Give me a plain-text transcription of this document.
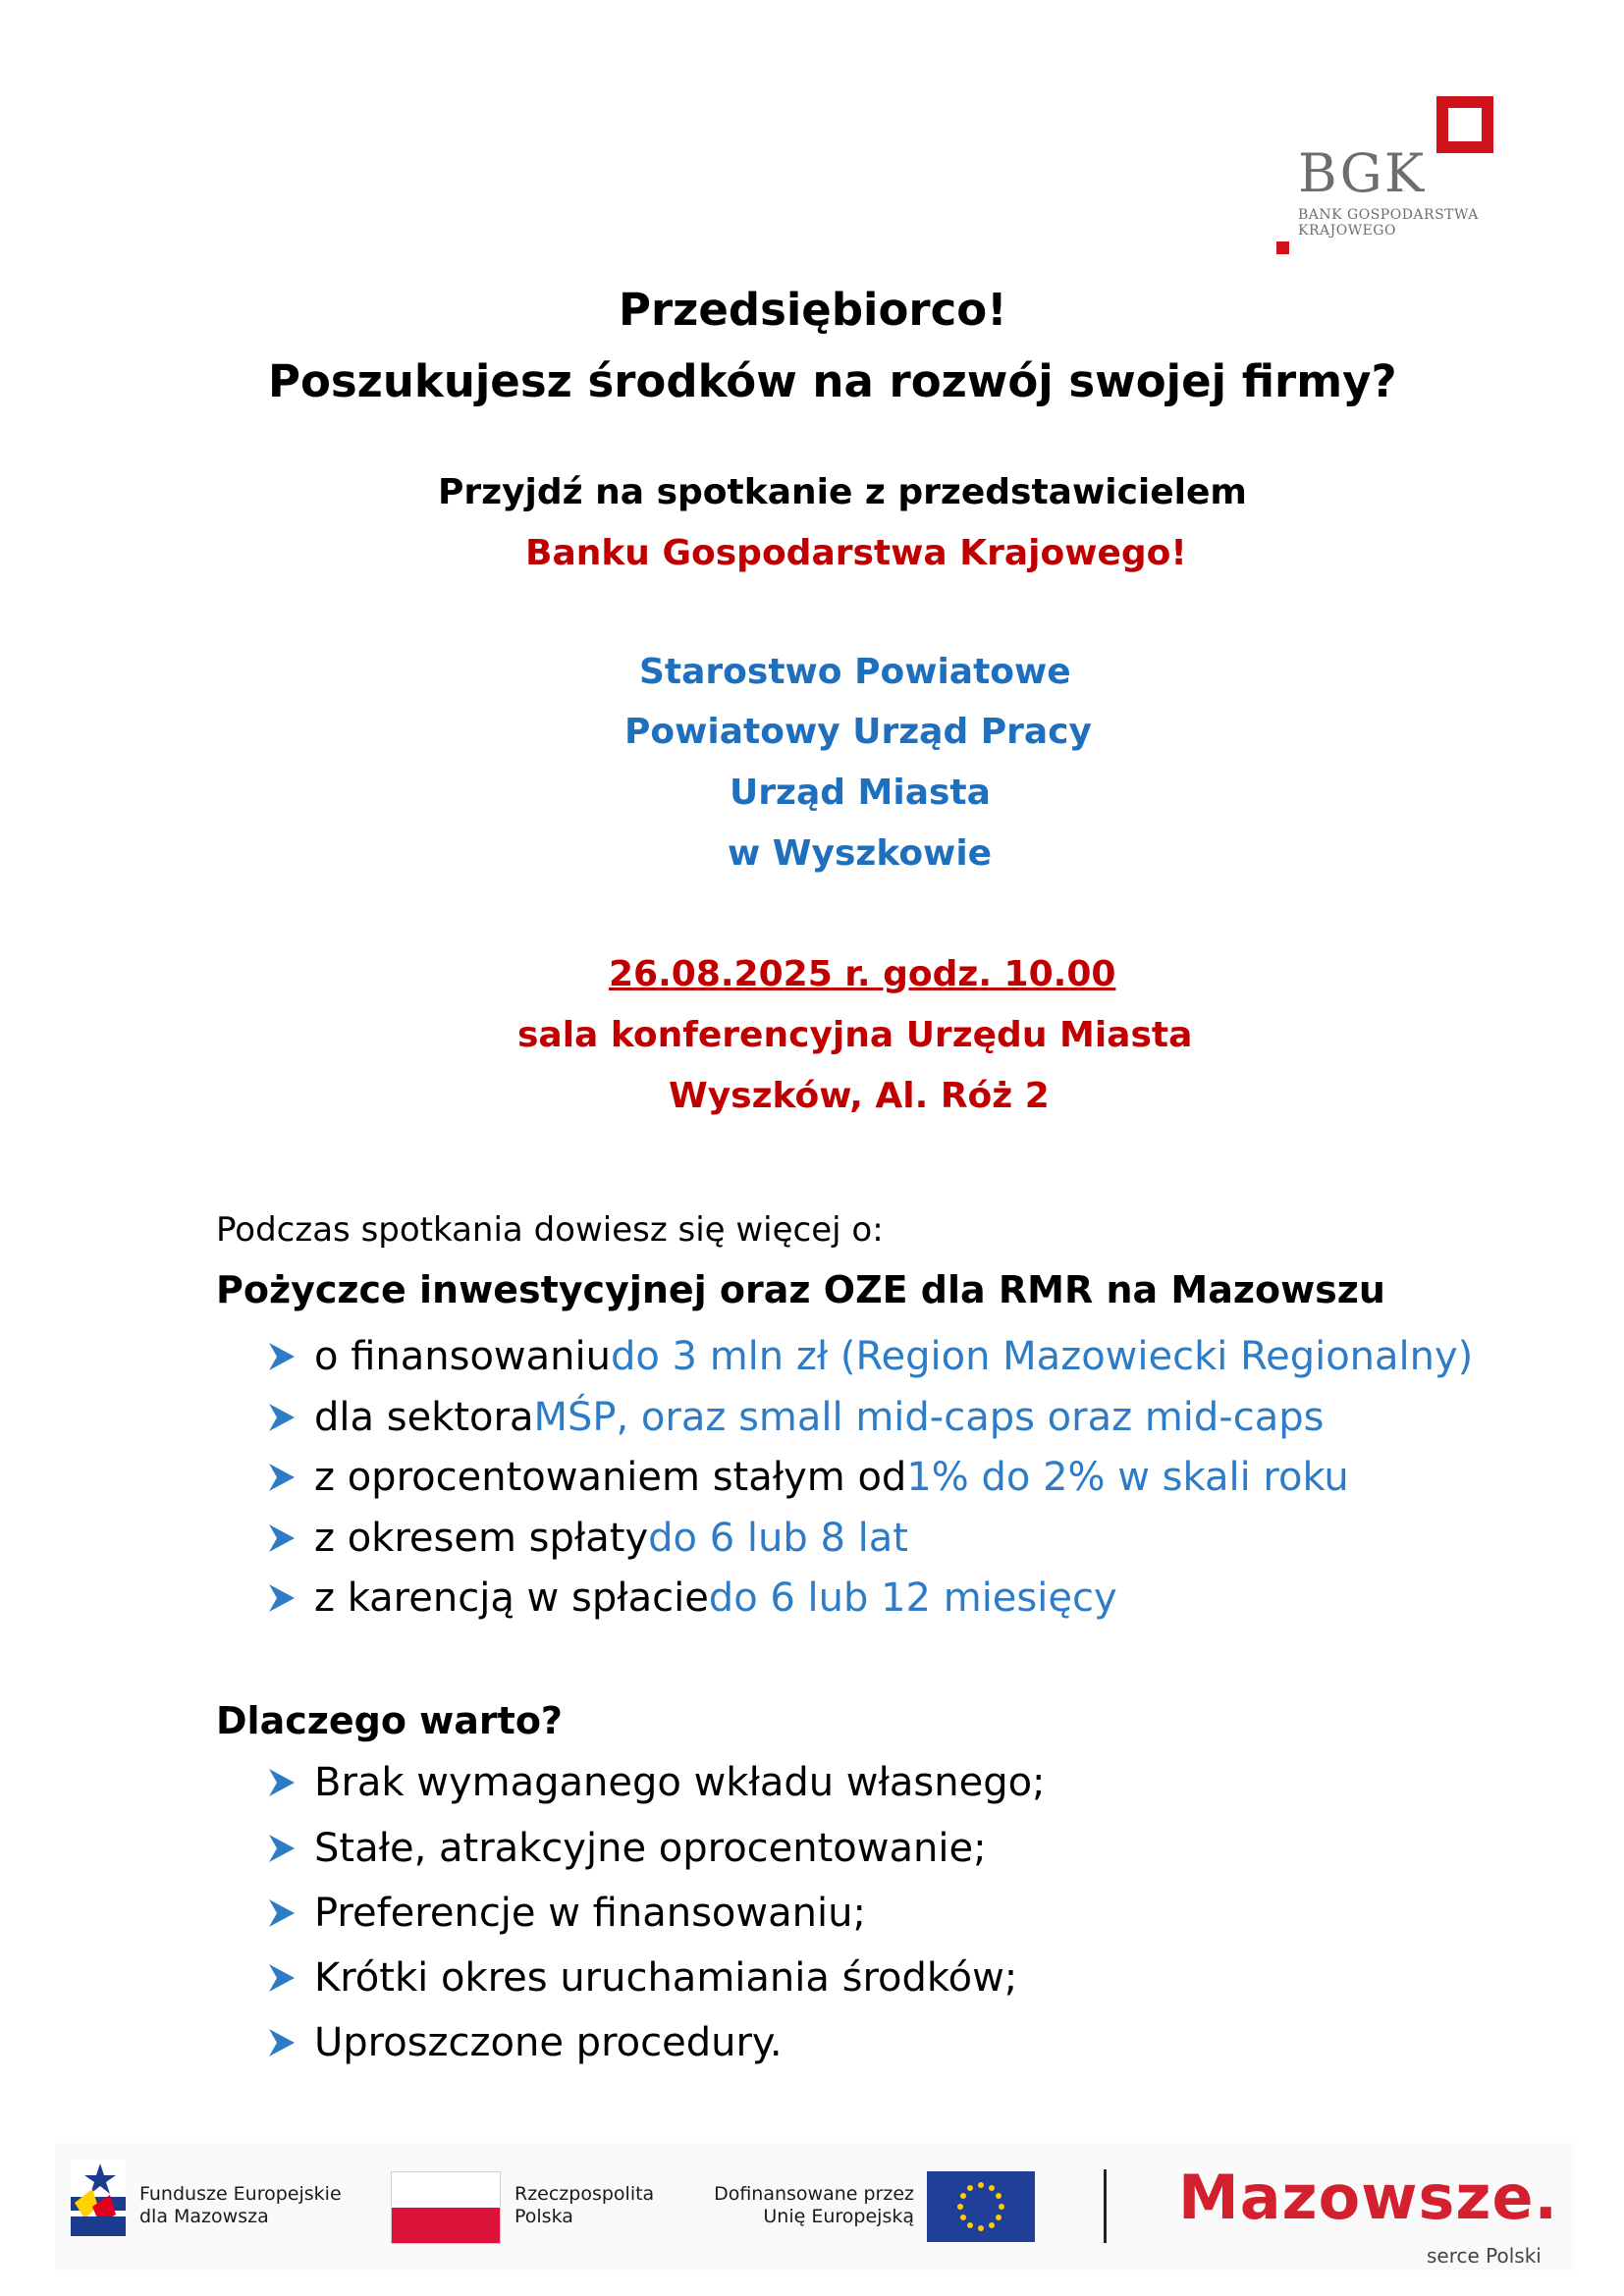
BGK
BANK GOSPODARSTWA
KRAJOWEGO
Przedsiębiorco!
Poszukujesz środków na rozwój swojej firmy?
Przyjdź na spotkanie z przedstawicielem
Banku Gospodarstwa Krajowego!
Starostwo Powiatowe
Powiatowy Urząd Pracy
Urząd Miasta
w Wyszkowie
26.08.2025 r. godz. 10.00
sala konferencyjna Urzędu Miasta
Wyszków, Al. Róż 2
Podczas spotkania dowiesz się więcej o:
Pożyczce inwestycyjnej oraz OZE dla RMR na Mazowszu
o finansowaniu do 3 mln zł (Region Mazowiecki Regionalny)
dla sektora MŚP, oraz small mid-caps oraz mid-caps
z oprocentowaniem stałym od 1% do 2% w skali roku
z okresem spłaty do 6 lub 8 lat
z karencją w spłacie do 6 lub 12 miesięcy
Dlaczego warto?
Brak wymaganego wkładu własnego;
Stałe, atrakcyjne oprocentowanie;
Preferencje w finansowaniu;
Krótki okres uruchamiania środków;
Uproszczone procedury.
Fundusze Europejskie
dla Mazowsza
Rzeczpospolita
Polska
Dofinansowane przez
Unię Europejską	Mazowsze.
serce Polski
